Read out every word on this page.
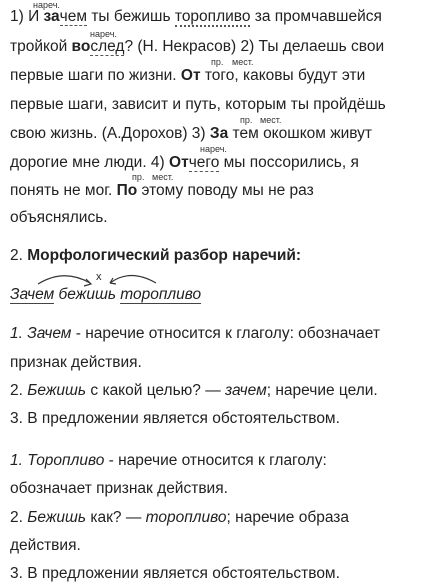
1) И зачем ты бежишь торопливо за промчавшейся
нареч.
тройкой вослед? (Н. Некрасов) 2) Ты делаешь свои
нареч.
пр. мест.
первые шаги по жизни. От того, каковы будут эти
первые шаги, зависит и путь, которым ты пройдёшь
пр. мест.
свою жизнь. (А.Дорохов) 3) За тем окошком живут
нареч.
дорогие мне люди. 4) Отчего мы поссорились, я
пр. мест.
понять не мог. По этому поводу мы не раз
объяснялись.
2. Морфологический разбор наречий:
x
Зачем бежишь торопливо
1. Зачем - наречие относится к глаголу: обозначает
признак действия.
2. Бежишь с какой целью? — зачем; наречие цели.
3. В предложении является обстоятельством.
1. Торопливо - наречие относится к глаголу:
обозначает признак действия.
2. Бежишь как? — торопливо; наречие образа
действия.
3. В предложении является обстоятельством.
